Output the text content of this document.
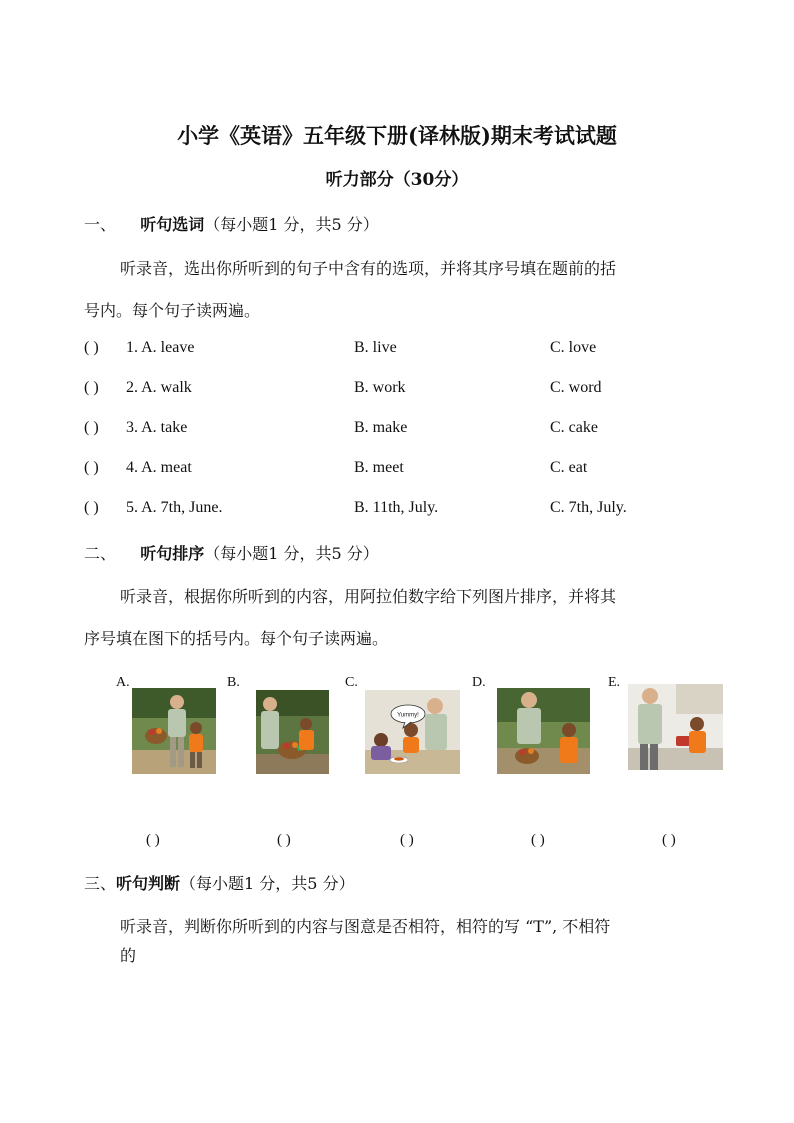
小学《英语》五年级下册(译林版)期末考试试题
听力部分（30分）
一、 听句选词（每小题1 分，共5 分）
听录音，选出你所听到的句子中含有的选项，并将其序号填在题前的括
号内。每个句子读两遍。
( ) 1. A. leave	B. live	C. love
( ) 2. A. walk	B. work	C. word
( ) 3. A. take	B. make	C. cake
( ) 4. A. meat	B. meet	C. eat
( ) 5. A. 7th, June.	B. 11th, July.	C. 7th, July.
二、 听句排序（每小题1 分，共5 分）
听录音，根据你所听到的内容，用阿拉伯数字给下列图片排序，并将其
序号填在图下的括号内。每个句子读两遍。
A.	B.	C.
Yummy!
D.	E.
( )	( )	( )	( )	( )
三、听句判断（每小题1 分，共5 分）
听录音，判断你所听到的内容与图意是否相符，相符的写 “T”, 不相符
的
